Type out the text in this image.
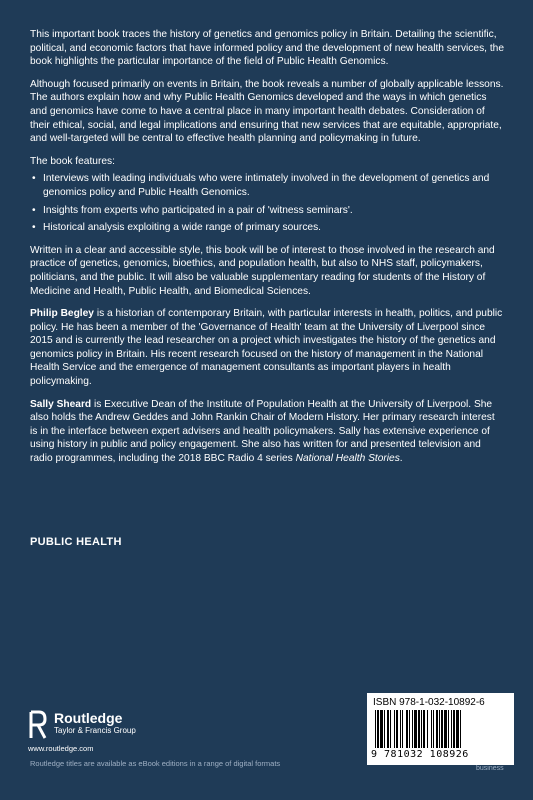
This important book traces the history of genetics and genomics policy in Britain. Detailing the scientific, political, and economic factors that have informed policy and the development of new health services, the book highlights the particular importance of the field of Public Health Genomics.

Although focused primarily on events in Britain, the book reveals a number of globally applicable lessons. The authors explain how and why Public Health Genomics developed and the ways in which genetics and genomics have come to have a central place in many important health debates. Consideration of their ethical, social, and legal implications and ensuring that new services that are equitable, appropriate, and well-targeted will be central to effective health planning and policymaking in future.

The book features:

• Interviews with leading individuals who were intimately involved in the development of genetics and genomics policy and Public Health Genomics.
• Insights from experts who participated in a pair of 'witness seminars'.
• Historical analysis exploiting a wide range of primary sources.

Written in a clear and accessible style, this book will be of interest to those involved in the research and practice of genetics, genomics, bioethics, and population health, but also to NHS staff, policymakers, politicians, and the public. It will also be valuable supplementary reading for students of the History of Medicine and Health, Public Health, and Biomedical Sciences.

Philip Begley is a historian of contemporary Britain, with particular interests in health, politics, and public policy. He has been a member of the 'Governance of Health' team at the University of Liverpool since 2015 and is currently the lead researcher on a project which investigates the history of the genetics and genomics policy in Britain. His recent research focused on the history of management in the National Health Service and the emergence of management consultants as important players in health policymaking.

Sally Sheard is Executive Dean of the Institute of Population Health at the University of Liverpool. She also holds the Andrew Geddes and John Rankin Chair of Modern History. Her primary research interest is in the interface between expert advisers and health policymakers. Sally has extensive experience of using history in public and policy engagement. She also has written for and presented television and radio programmes, including the 2018 BBC Radio 4 series National Health Stories.

PUBLIC HEALTH
Routledge
Taylor & Francis Group
www.routledge.com
Routledge titles are available as eBook editions in a range of digital formats
business
ISBN 978-1-032-10892-6
9 781032 108926
